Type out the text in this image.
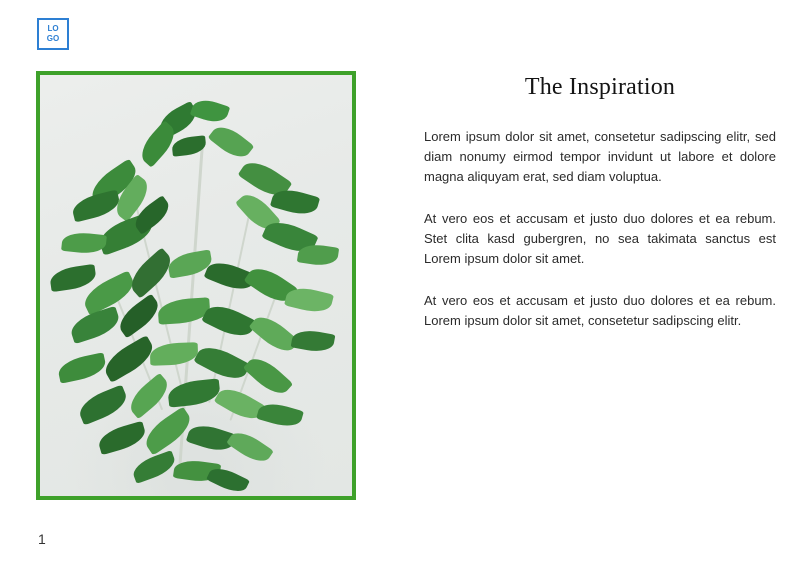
LO
GO
The Inspiration

Lorem ipsum dolor sit amet, consetetur sadipscing elitr, sed diam nonumy eirmod tempor invidunt ut labore et dolore magna aliquyam erat, sed diam voluptua.

At vero eos et accusam et justo duo dolores et ea rebum. Stet clita kasd gubergren, no sea takimata sanctus est Lorem ipsum dolor sit amet.

At vero eos et accusam et justo duo dolores et ea rebum. Lorem ipsum dolor sit amet, consetetur sadipscing elitr.

1
